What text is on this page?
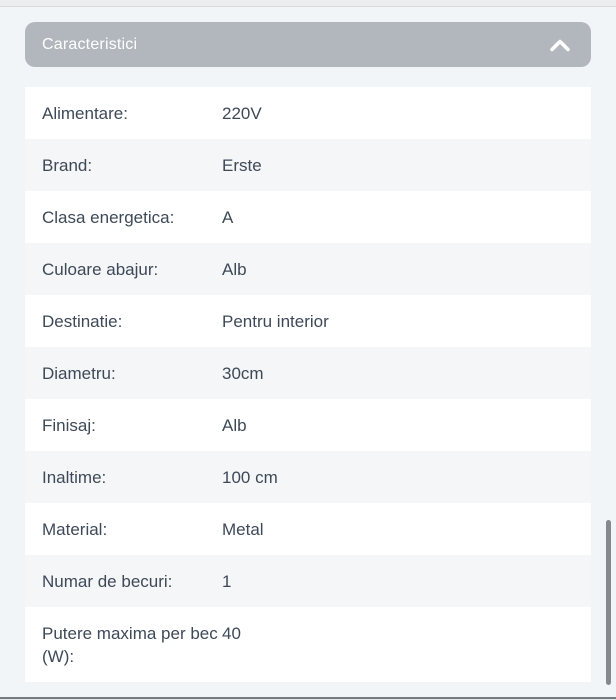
Caracteristici
Alimentare:	220V
Brand:	Erste
Clasa energetica:	A
Culoare abajur:	Alb
Destinatie:	Pentru interior
Diametru:	30cm
Finisaj:	Alb
Inaltime:	100 cm
Material:	Metal
Numar de becuri:	1
Putere maxima per bec (W):
40
